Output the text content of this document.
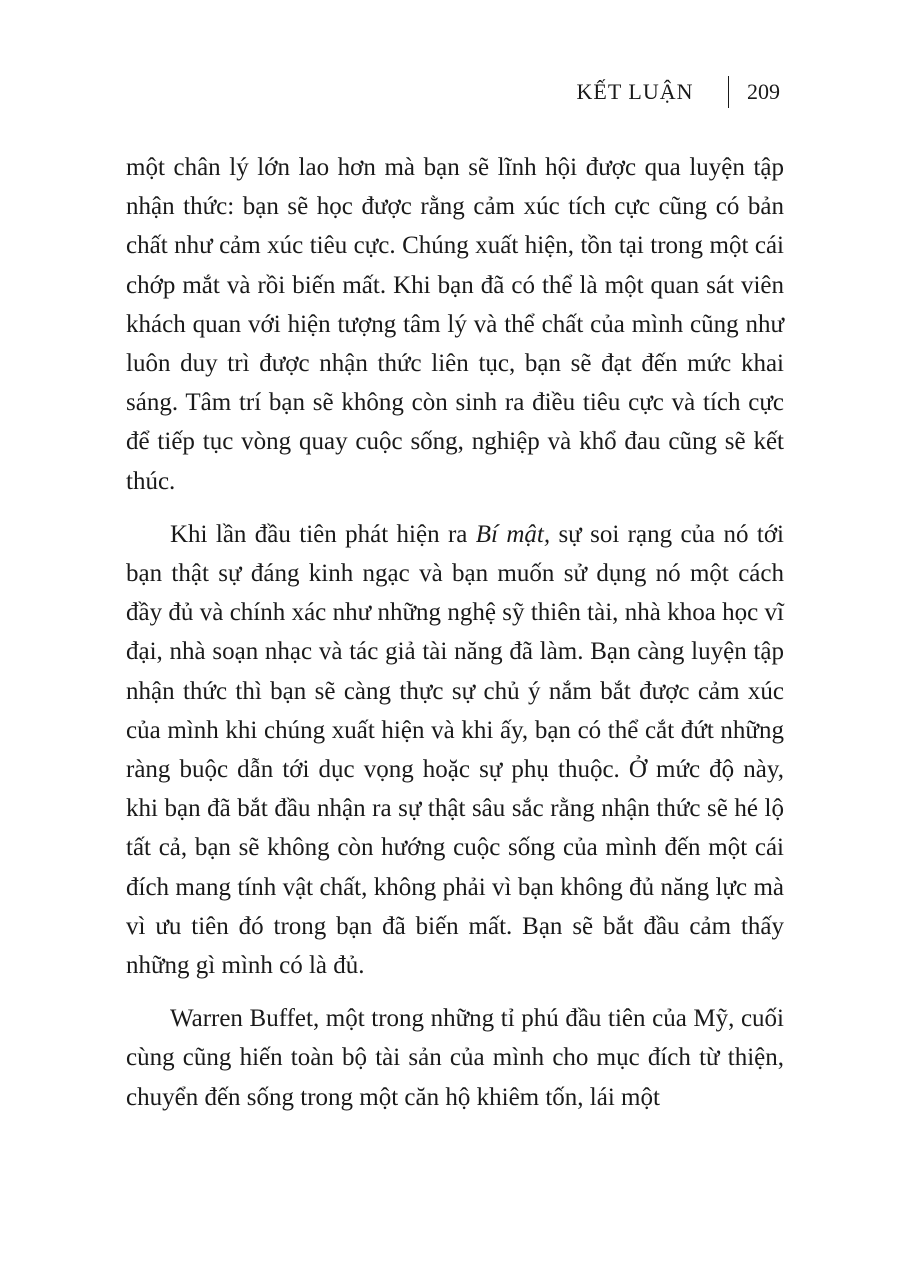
KẾT LUẬN 209

một chân lý lớn lao hơn mà bạn sẽ lĩnh hội được qua luyện tập nhận thức: bạn sẽ học được rằng cảm xúc tích cực cũng có bản chất như cảm xúc tiêu cực. Chúng xuất hiện, tồn tại trong một cái chớp mắt và rồi biến mất. Khi bạn đã có thể là một quan sát viên khách quan với hiện tượng tâm lý và thể chất của mình cũng như luôn duy trì được nhận thức liên tục, bạn sẽ đạt đến mức khai sáng. Tâm trí bạn sẽ không còn sinh ra điều tiêu cực và tích cực để tiếp tục vòng quay cuộc sống, nghiệp và khổ đau cũng sẽ kết thúc.

Khi lần đầu tiên phát hiện ra Bí mật, sự soi rạng của nó tới bạn thật sự đáng kinh ngạc và bạn muốn sử dụng nó một cách đầy đủ và chính xác như những nghệ sỹ thiên tài, nhà khoa học vĩ đại, nhà soạn nhạc và tác giả tài năng đã làm. Bạn càng luyện tập nhận thức thì bạn sẽ càng thực sự chủ ý nắm bắt được cảm xúc của mình khi chúng xuất hiện và khi ấy, bạn có thể cắt đứt những ràng buộc dẫn tới dục vọng hoặc sự phụ thuộc. Ở mức độ này, khi bạn đã bắt đầu nhận ra sự thật sâu sắc rằng nhận thức sẽ hé lộ tất cả, bạn sẽ không còn hướng cuộc sống của mình đến một cái đích mang tính vật chất, không phải vì bạn không đủ năng lực mà vì ưu tiên đó trong bạn đã biến mất. Bạn sẽ bắt đầu cảm thấy những gì mình có là đủ.

Warren Buffet, một trong những tỉ phú đầu tiên của Mỹ, cuối cùng cũng hiến toàn bộ tài sản của mình cho mục đích từ thiện, chuyển đến sống trong một căn hộ khiêm tốn, lái một
